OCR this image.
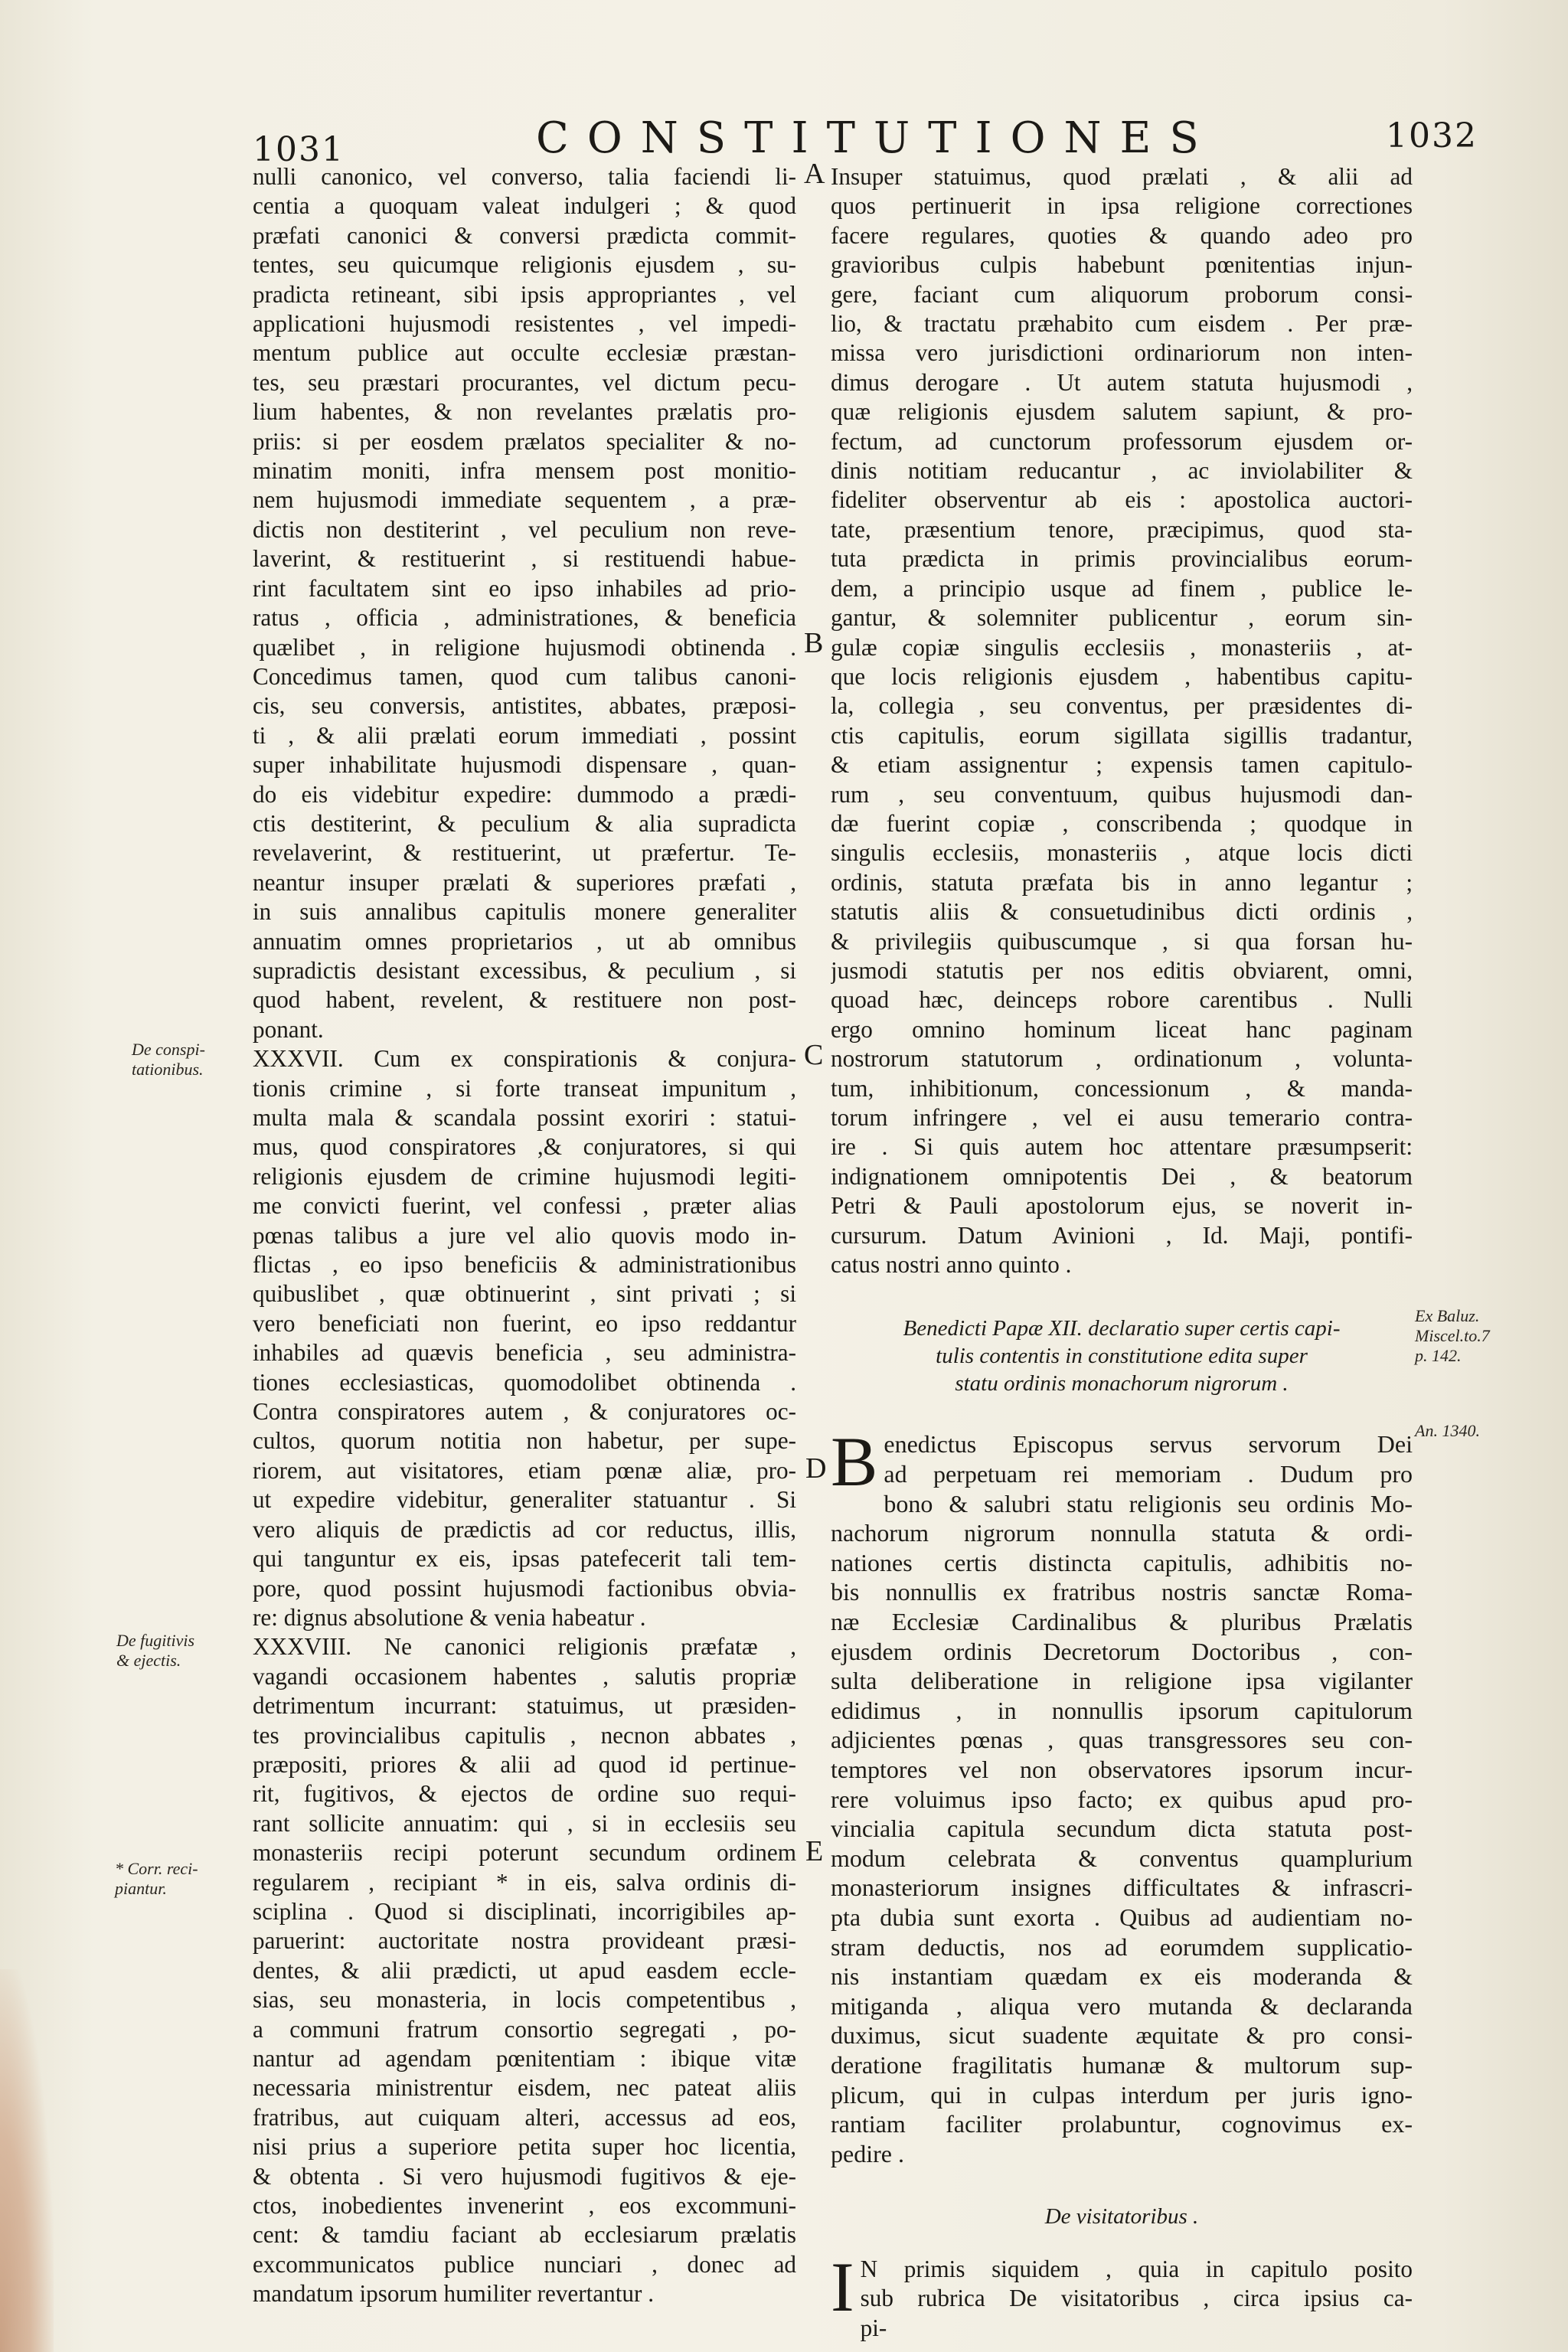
1031	CONSTITUTIONES	1032
A
B
C
D
E
De conspi-
tationibus.
De fugitivis
& ejectis.
* Corr. reci-
piantur.
Ex Baluz.
Miscel.to.7
p. 142.
An. 1340.
nulli canonico, vel converso, talia faciendi li-
centia a quoquam valeat indulgeri ; & quod
præfati canonici & conversi prædicta commit-
tentes, seu quicumque religionis ejusdem , su-
pradicta retineant, sibi ipsis appropriantes , vel
applicationi hujusmodi resistentes , vel impedi-
mentum publice aut occulte ecclesiæ præstan-
tes, seu præstari procurantes, vel dictum pecu-
lium habentes, & non revelantes prælatis pro-
priis: si per eosdem prælatos specialiter & no-
minatim moniti, infra mensem post monitio-
nem hujusmodi immediate sequentem , a præ-
dictis non destiterint , vel peculium non reve-
laverint, & restituerint , si restituendi habue-
rint facultatem sint eo ipso inhabiles ad prio-
ratus , officia , administrationes, & beneficia
quælibet , in religione hujusmodi obtinenda .
Concedimus tamen, quod cum talibus canoni-
cis, seu conversis, antistites, abbates, præposi-
ti , & alii prælati eorum immediati , possint
super inhabilitate hujusmodi dispensare , quan-
do eis videbitur expedire: dummodo a prædi-
ctis destiterint, & peculium & alia supradicta
revelaverint, & restituerint, ut præfertur. Te-
neantur insuper prælati & superiores præfati ,
in suis annalibus capitulis monere generaliter
annuatim omnes proprietarios , ut ab omnibus
supradictis desistant excessibus, & peculium , si
quod habent, revelent, & restituere non post-
ponant.
XXXVII. Cum ex conspirationis & conjura-
tionis crimine , si forte transeat impunitum ,
multa mala & scandala possint exoriri : statui-
mus, quod conspiratores ,& conjuratores, si qui
religionis ejusdem de crimine hujusmodi legiti-
me convicti fuerint, vel confessi , præter alias
pœnas talibus a jure vel alio quovis modo in-
flictas , eo ipso beneficiis & administrationibus
quibuslibet , quæ obtinuerint , sint privati ; si
vero beneficiati non fuerint, eo ipso reddantur
inhabiles ad quævis beneficia , seu administra-
tiones ecclesiasticas, quomodolibet obtinenda .
Contra conspiratores autem , & conjuratores oc-
cultos, quorum notitia non habetur, per supe-
riorem, aut visitatores, etiam pœnæ aliæ, pro-
ut expedire videbitur, generaliter statuantur . Si
vero aliquis de prædictis ad cor reductus, illis,
qui tanguntur ex eis, ipsas patefecerit tali tem-
pore, quod possint hujusmodi factionibus obvia-
re: dignus absolutione & venia habeatur .
XXXVIII. Ne canonici religionis præfatæ ,
vagandi occasionem habentes , salutis propriæ
detrimentum incurrant: statuimus, ut præsiden-
tes provincialibus capitulis , necnon abbates ,
præpositi, priores & alii ad quod id pertinue-
rit, fugitivos, & ejectos de ordine suo requi-
rant sollicite annuatim: qui , si in ecclesiis seu
monasteriis recipi poterunt secundum ordinem
regularem , recipiant * in eis, salva ordinis di-
sciplina . Quod si disciplinati, incorrigibiles ap-
paruerint: auctoritate nostra provideant præsi-
dentes, & alii prædicti, ut apud easdem eccle-
sias, seu monasteria, in locis competentibus ,
a communi fratrum consortio segregati , po-
nantur ad agendam pœnitentiam : ibique vitæ
necessaria ministrentur eisdem, nec pateat aliis
fratribus, aut cuiquam alteri, accessus ad eos,
nisi prius a superiore petita super hoc licentia,
& obtenta . Si vero hujusmodi fugitivos & eje-
ctos, inobedientes invenerint , eos excommuni-
cent: & tamdiu faciant ab ecclesiarum prælatis
excommunicatos publice nunciari , donec ad
mandatum ipsorum humiliter revertantur .
Insuper statuimus, quod prælati , & alii ad
quos pertinuerit in ipsa religione correctiones
facere regulares, quoties & quando adeo pro
gravioribus culpis habebunt pœnitentias injun-
gere, faciant cum aliquorum proborum consi-
lio, & tractatu præhabito cum eisdem . Per præ-
missa vero jurisdictioni ordinariorum non inten-
dimus derogare . Ut autem statuta hujusmodi ,
quæ religionis ejusdem salutem sapiunt, & pro-
fectum, ad cunctorum professorum ejusdem or-
dinis notitiam reducantur , ac inviolabiliter &
fideliter observentur ab eis : apostolica auctori-
tate, præsentium tenore, præcipimus, quod sta-
tuta prædicta in primis provincialibus eorum-
dem, a principio usque ad finem , publice le-
gantur, & solemniter publicentur , eorum sin-
gulæ copiæ singulis ecclesiis , monasteriis , at-
que locis religionis ejusdem , habentibus capitu-
la, collegia , seu conventus, per præsidentes di-
ctis capitulis, eorum sigillata sigillis tradantur,
& etiam assignentur ; expensis tamen capitulo-
rum , seu conventuum, quibus hujusmodi dan-
dæ fuerint copiæ , conscribenda ; quodque in
singulis ecclesiis, monasteriis , atque locis dicti
ordinis, statuta præfata bis in anno legantur ;
statutis aliis & consuetudinibus dicti ordinis ,
& privilegiis quibuscumque , si qua forsan hu-
jusmodi statutis per nos editis obviarent, omni,
quoad hæc, deinceps robore carentibus . Nulli
ergo omnino hominum liceat hanc paginam
nostrorum statutorum , ordinationum , volunta-
tum, inhibitionum, concessionum , & manda-
torum infringere , vel ei ausu temerario contra-
ire . Si quis autem hoc attentare præsumpserit:
indignationem omnipotentis Dei , & beatorum
Petri & Pauli apostolorum ejus, se noverit in-
cursurum. Datum Avinioni , Id. Maji, pontifi-
catus nostri anno quinto .
Benedicti Papæ XII. declaratio super certis capi-
tulis contentis in constitutione edita super
statu ordinis monachorum nigrorum .
B enedictus Episcopus servus servorum Dei
ad perpetuam rei memoriam . Dudum pro
bono & salubri statu religionis seu ordinis Mo-
nachorum nigrorum nonnulla statuta & ordi-
nationes certis distincta capitulis, adhibitis no-
bis nonnullis ex fratribus nostris sanctæ Roma-
næ Ecclesiæ Cardinalibus & pluribus Prælatis
ejusdem ordinis Decretorum Doctoribus , con-
sulta deliberatione in religione ipsa vigilanter
edidimus , in nonnullis ipsorum capitulorum
adjicientes pœnas , quas transgressores seu con-
temptores vel non observatores ipsorum incur-
rere voluimus ipso facto; ex quibus apud pro-
vincialia capitula secundum dicta statuta post-
modum celebrata & conventus quamplurium
monasteriorum insignes difficultates & infrascri-
pta dubia sunt exorta . Quibus ad audientiam no-
stram deductis, nos ad eorumdem supplicatio-
nis instantiam quædam ex eis moderanda &
mitiganda , aliqua vero mutanda & declaranda
duximus, sicut suadente æquitate & pro consi-
deratione fragilitatis humanæ & multorum sup-
plicum, qui in culpas interdum per juris igno-
rantiam faciliter prolabuntur, cognovimus ex-
pedire .
De visitatoribus .
I N primis siquidem , quia in capitulo posito
sub rubrica De visitatoribus , circa ipsius ca-
pi-
